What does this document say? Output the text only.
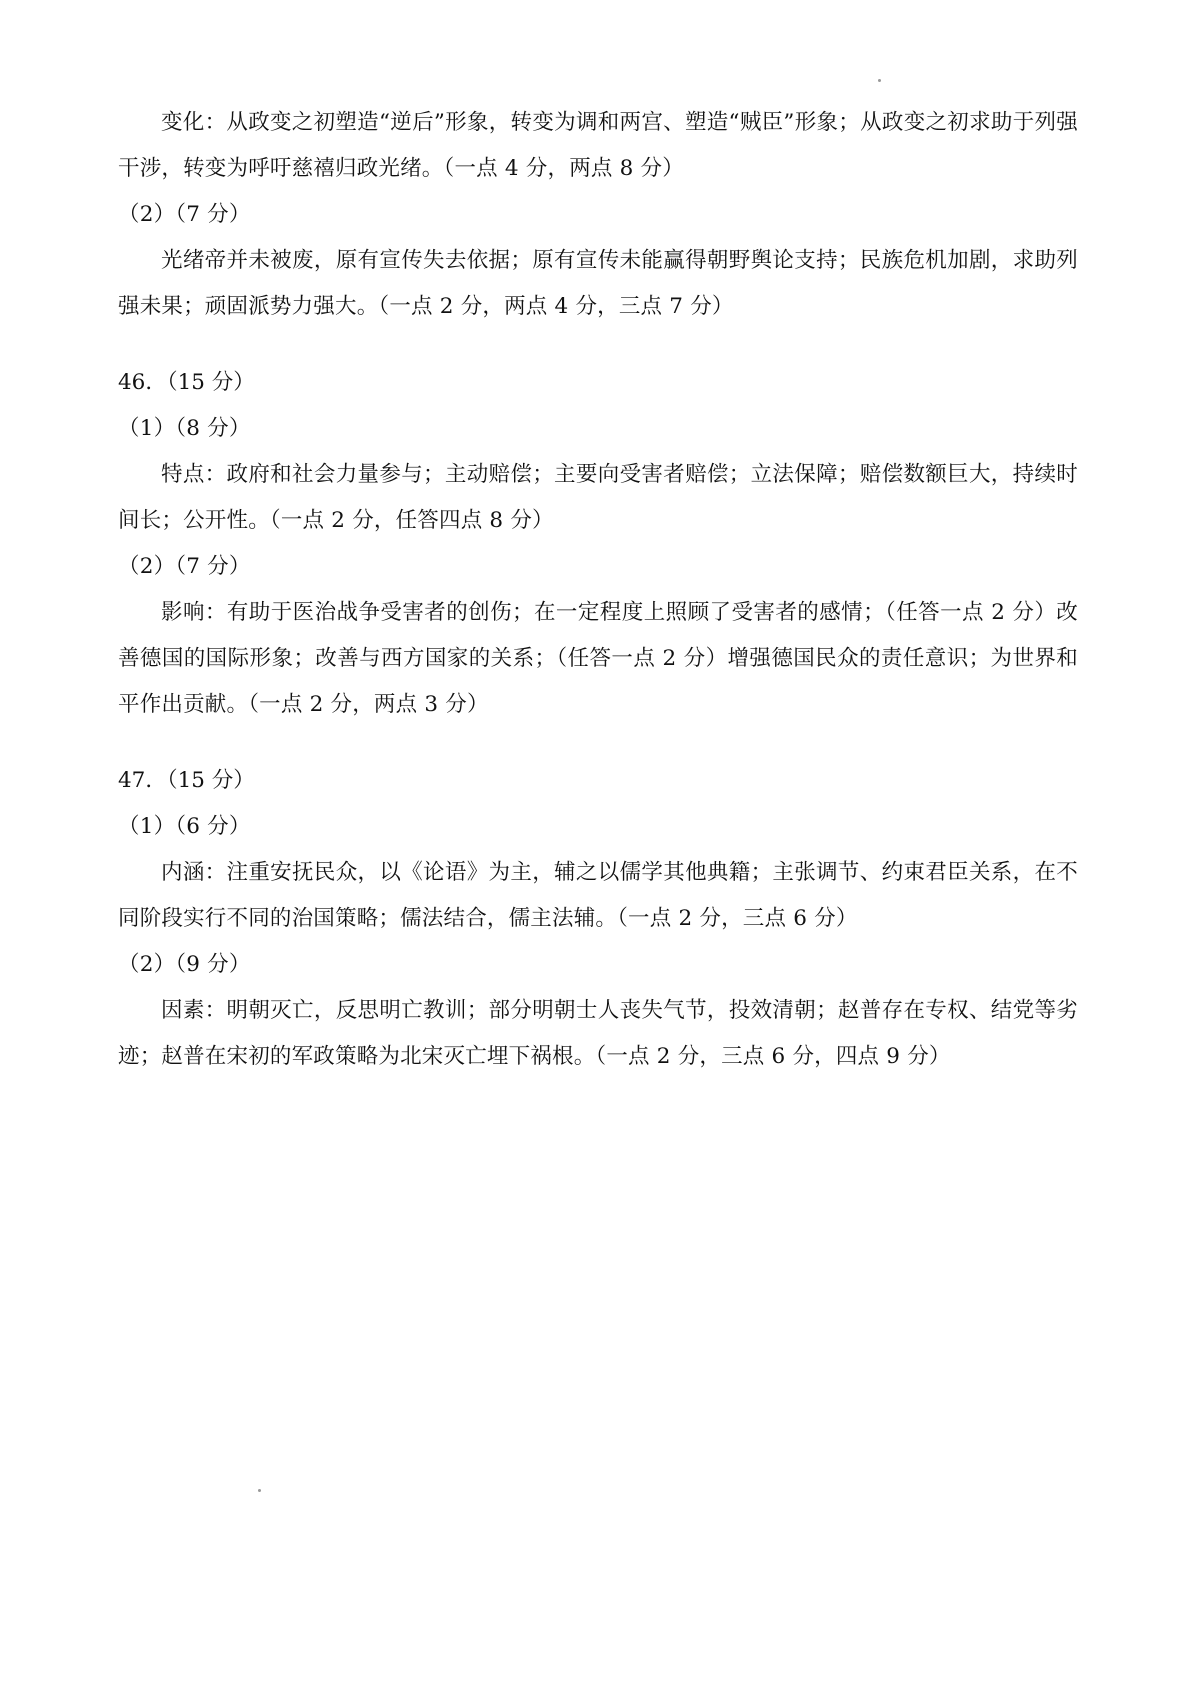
变化：从政变之初塑造“逆后”形象，转变为调和两宫、塑造“贼臣”形象；从政变之初求助于列强干涉，转变为呼吁慈禧归政光绪。（一点 4 分，两点 8 分）

（2）（7 分）

光绪帝并未被废，原有宣传失去依据；原有宣传未能赢得朝野舆论支持；民族危机加剧，求助列强未果；顽固派势力强大。（一点 2 分，两点 4 分，三点 7 分）

46．（15 分）

（1）（8 分）

特点：政府和社会力量参与；主动赔偿；主要向受害者赔偿；立法保障；赔偿数额巨大，持续时间长；公开性。（一点 2 分，任答四点 8 分）

（2）（7 分）

影响：有助于医治战争受害者的创伤；在一定程度上照顾了受害者的感情；（任答一点 2 分）改善德国的国际形象；改善与西方国家的关系；（任答一点 2 分）增强德国民众的责任意识；为世界和平作出贡献。（一点 2 分，两点 3 分）

47．（15 分）

（1）（6 分）

内涵：注重安抚民众，以《论语》为主，辅之以儒学其他典籍；主张调节、约束君臣关系，在不同阶段实行不同的治国策略；儒法结合，儒主法辅。（一点 2 分，三点 6 分）

（2）（9 分）

因素：明朝灭亡，反思明亡教训；部分明朝士人丧失气节，投效清朝；赵普存在专权、结党等劣迹；赵普在宋初的军政策略为北宋灭亡埋下祸根。（一点 2 分，三点 6 分，四点 9 分）
